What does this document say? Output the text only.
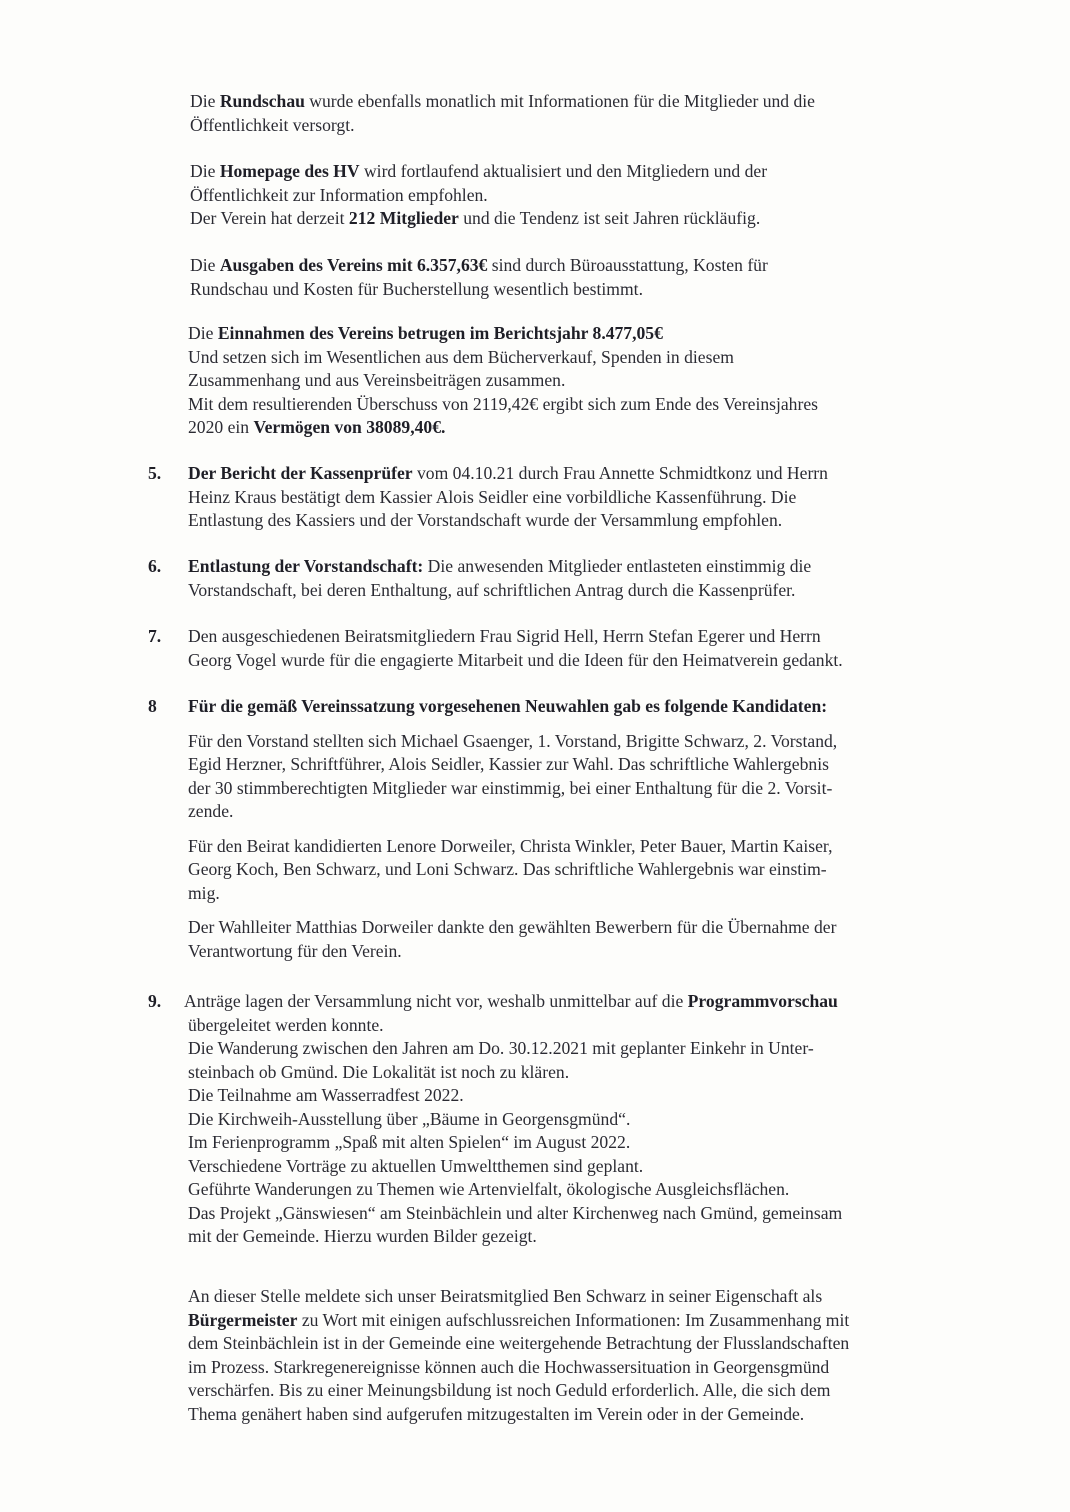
Die Rundschau wurde ebenfalls monatlich mit Informationen für die Mitglieder und die

Öffentlichkeit versorgt.

Die Homepage des HV wird fortlaufend aktualisiert und den Mitgliedern und der

Öffentlichkeit zur Information empfohlen.

Der Verein hat derzeit 212 Mitglieder und die Tendenz ist seit Jahren rückläufig.

Die Ausgaben des Vereins mit 6.357,63€ sind durch Büroausstattung, Kosten für

Rundschau und Kosten für Bucherstellung wesentlich bestimmt.

Die Einnahmen des Vereins betrugen im Berichtsjahr 8.477,05€

Und setzen sich im Wesentlichen aus dem Bücherverkauf, Spenden in diesem

Zusammenhang und aus Vereinsbeiträgen zusammen.

Mit dem resultierenden Überschuss von 2119,42€ ergibt sich zum Ende des Vereinsjahres

2020 ein Vermögen von 38089,40€.

5. Der Bericht der Kassenprüfer vom 04.10.21 durch Frau Annette Schmidtkonz und Herrn

Heinz Kraus bestätigt dem Kassier Alois Seidler eine vorbildliche Kassenführung. Die

Entlastung des Kassiers und der Vorstandschaft wurde der Versammlung empfohlen.

6. Entlastung der Vorstandschaft: Die anwesenden Mitglieder entlasteten einstimmig die

Vorstandschaft, bei deren Enthaltung, auf schriftlichen Antrag durch die Kassenprüfer.

7. Den ausgeschiedenen Beiratsmitgliedern Frau Sigrid Hell, Herrn Stefan Egerer und Herrn

Georg Vogel wurde für die engagierte Mitarbeit und die Ideen für den Heimatverein gedankt.

8 Für die gemäß Vereinssatzung vorgesehenen Neuwahlen gab es folgende Kandidaten:

Für den Vorstand stellten sich Michael Gsaenger, 1. Vorstand, Brigitte Schwarz, 2. Vorstand,

Egid Herzner, Schriftführer, Alois Seidler, Kassier zur Wahl. Das schriftliche Wahlergebnis

der 30 stimmberechtigten Mitglieder war einstimmig, bei einer Enthaltung für die 2. Vorsit-

zende.

Für den Beirat kandidierten Lenore Dorweiler, Christa Winkler, Peter Bauer, Martin Kaiser,

Georg Koch, Ben Schwarz, und Loni Schwarz. Das schriftliche Wahlergebnis war einstim-

mig.

Der Wahlleiter Matthias Dorweiler dankte den gewählten Bewerbern für die Übernahme der

Verantwortung für den Verein.

9. Anträge lagen der Versammlung nicht vor, weshalb unmittelbar auf die Programmvorschau

übergeleitet werden konnte.

Die Wanderung zwischen den Jahren am Do. 30.12.2021 mit geplanter Einkehr in Unter-

steinbach ob Gmünd. Die Lokalität ist noch zu klären.

Die Teilnahme am Wasserradfest 2022.

Die Kirchweih-Ausstellung über „Bäume in Georgensgmünd“.

Im Ferienprogramm „Spaß mit alten Spielen“ im August 2022.

Verschiedene Vorträge zu aktuellen Umweltthemen sind geplant.

Geführte Wanderungen zu Themen wie Artenvielfalt, ökologische Ausgleichsflächen.

Das Projekt „Gänswiesen“ am Steinbächlein und alter Kirchenweg nach Gmünd, gemeinsam

mit der Gemeinde. Hierzu wurden Bilder gezeigt.

An dieser Stelle meldete sich unser Beiratsmitglied Ben Schwarz in seiner Eigenschaft als

Bürgermeister zu Wort mit einigen aufschlussreichen Informationen: Im Zusammenhang mit

dem Steinbächlein ist in der Gemeinde eine weitergehende Betrachtung der Flusslandschaften

im Prozess. Starkregenereignisse können auch die Hochwassersituation in Georgensgmünd

verschärfen. Bis zu einer Meinungsbildung ist noch Geduld erforderlich. Alle, die sich dem

Thema genähert haben sind aufgerufen mitzugestalten im Verein oder in der Gemeinde.
